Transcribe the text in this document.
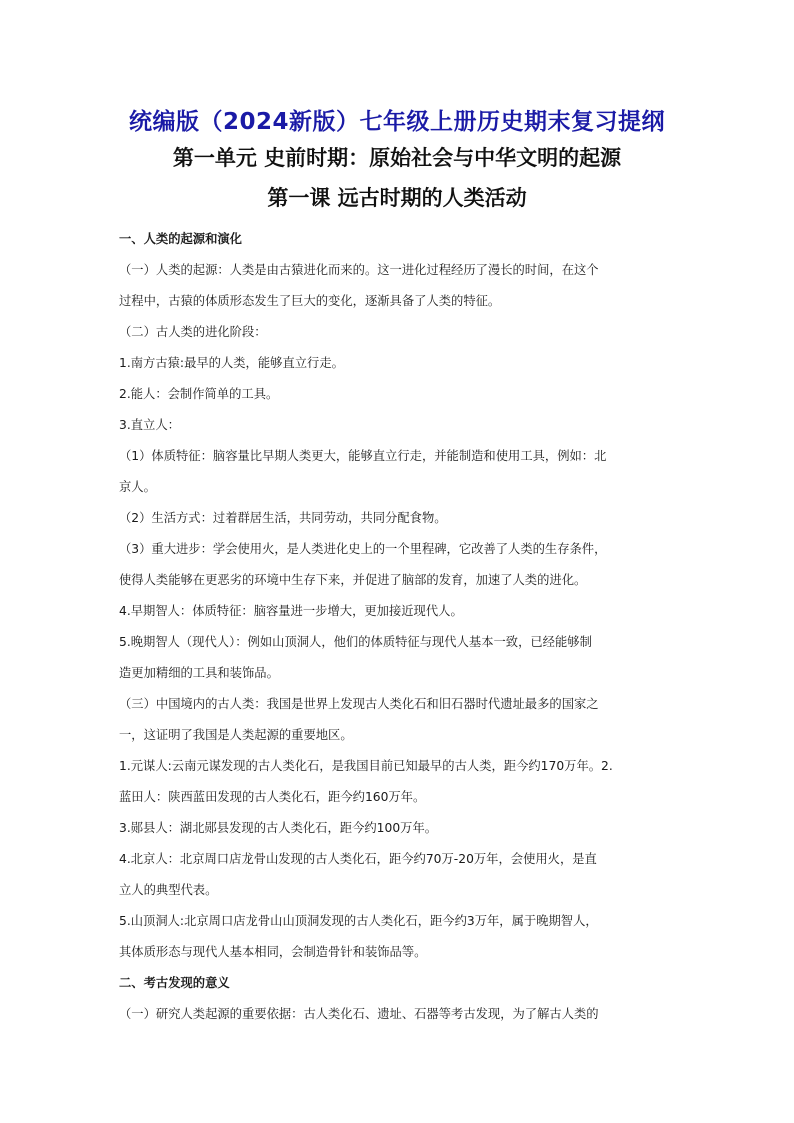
统编版（2024新版）七年级上册历史期末复习提纲
第一单元 史前时期：原始社会与中华文明的起源
第一课 远古时期的人类活动

一、人类的起源和演化

（一）人类的起源：人类是由古猿进化而来的。这一进化过程经历了漫长的时间，在这个

过程中，古猿的体质形态发生了巨大的变化，逐渐具备了人类的特征。

（二）古人类的进化阶段：

1.南方古猿:最早的人类，能够直立行走。

2.能人：会制作简单的工具。

3.直立人：

（1）体质特征：脑容量比早期人类更大，能够直立行走，并能制造和使用工具，例如：北

京人。

（2）生活方式：过着群居生活，共同劳动，共同分配食物。

（3）重大进步：学会使用火，是人类进化史上的一个里程碑，它改善了人类的生存条件，

使得人类能够在更恶劣的环境中生存下来，并促进了脑部的发育，加速了人类的进化。

4.早期智人：体质特征：脑容量进一步增大，更加接近现代人。

5.晚期智人（现代人）：例如山顶洞人，他们的体质特征与现代人基本一致，已经能够制

造更加精细的工具和装饰品。

（三）中国境内的古人类：我国是世界上发现古人类化石和旧石器时代遗址最多的国家之

一，这证明了我国是人类起源的重要地区。

1.元谋人:云南元谋发现的古人类化石，是我国目前已知最早的古人类，距今约170万年。2.

蓝田人：陕西蓝田发现的古人类化石，距今约160万年。

3.郧县人：湖北郧县发现的古人类化石，距今约100万年。

4.北京人：北京周口店龙骨山发现的古人类化石，距今约70万-20万年，会使用火，是直

立人的典型代表。

5.山顶洞人:北京周口店龙骨山山顶洞发现的古人类化石，距今约3万年，属于晚期智人，

其体质形态与现代人基本相同，会制造骨针和装饰品等。

二、考古发现的意义

（一）研究人类起源的重要依据：古人类化石、遗址、石器等考古发现，为了解古人类的
